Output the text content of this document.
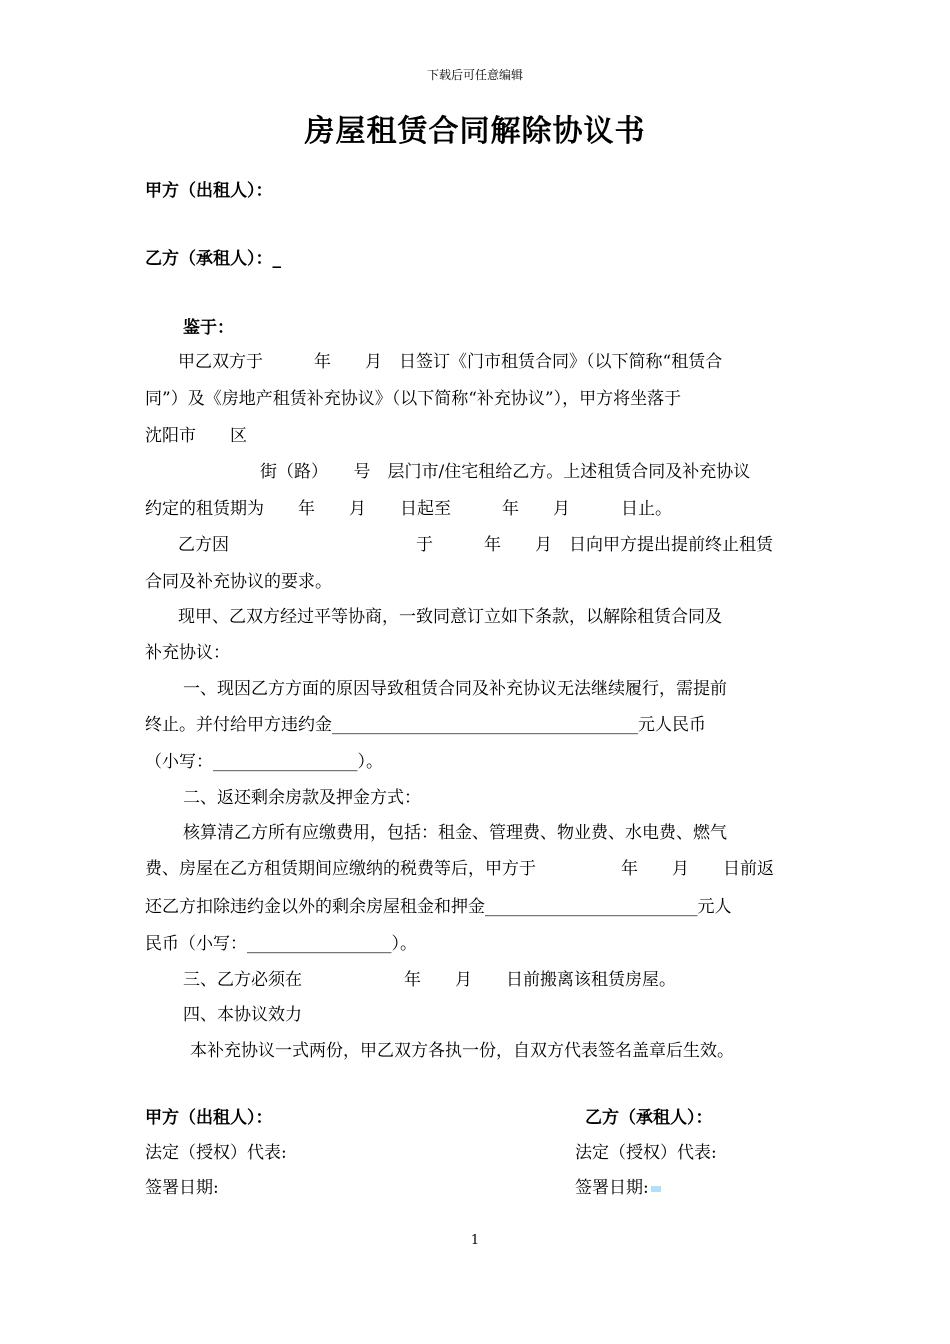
下载后可任意编辑
房屋租赁合同解除协议书
甲方（出租人）：
乙方（承租人）：_
鉴于：
甲乙双方于　　　年　　月　日签订《门市租赁合同》（以下简称“租赁合
同”）及《房地产租赁补充协议》（以下简称“补充协议”），甲方将坐落于
沈阳市　　区
街（路）　　号　层门市/住宅租给乙方。上述租赁合同及补充协议
约定的租赁期为　　年　　月　　日起至　　　年　　月　　　日止。
乙方因　　　　　　　　　　　于　　　年　　月　日向甲方提出提前终止租赁
合同及补充协议的要求。
现甲、乙双方经过平等协商，一致同意订立如下条款，以解除租赁合同及
补充协议：
一、现因乙方方面的原因导致租赁合同及补充协议无法继续履行，需提前
终止。并付给甲方违约金____________________________________元人民币
（小写：_________________）。
二、返还剩余房款及押金方式：
核算清乙方所有应缴费用，包括：租金、管理费、物业费、水电费、燃气
费、房屋在乙方租赁期间应缴纳的税费等后，甲方于　　　　　年　　月　　日前返
还乙方扣除违约金以外的剩余房屋租金和押金_________________________元人
民币（小写：_________________）。
三、乙方必须在　　　　　　年　　月　　日前搬离该租赁房屋。
四、本协议效力
本补充协议一式两份，甲乙双方各执一份，自双方代表签名盖章后生效。
甲方（出租人）：	乙方（承租人）：
法定（授权）代表:	法定（授权）代表:
签署日期:	签署日期:
1
